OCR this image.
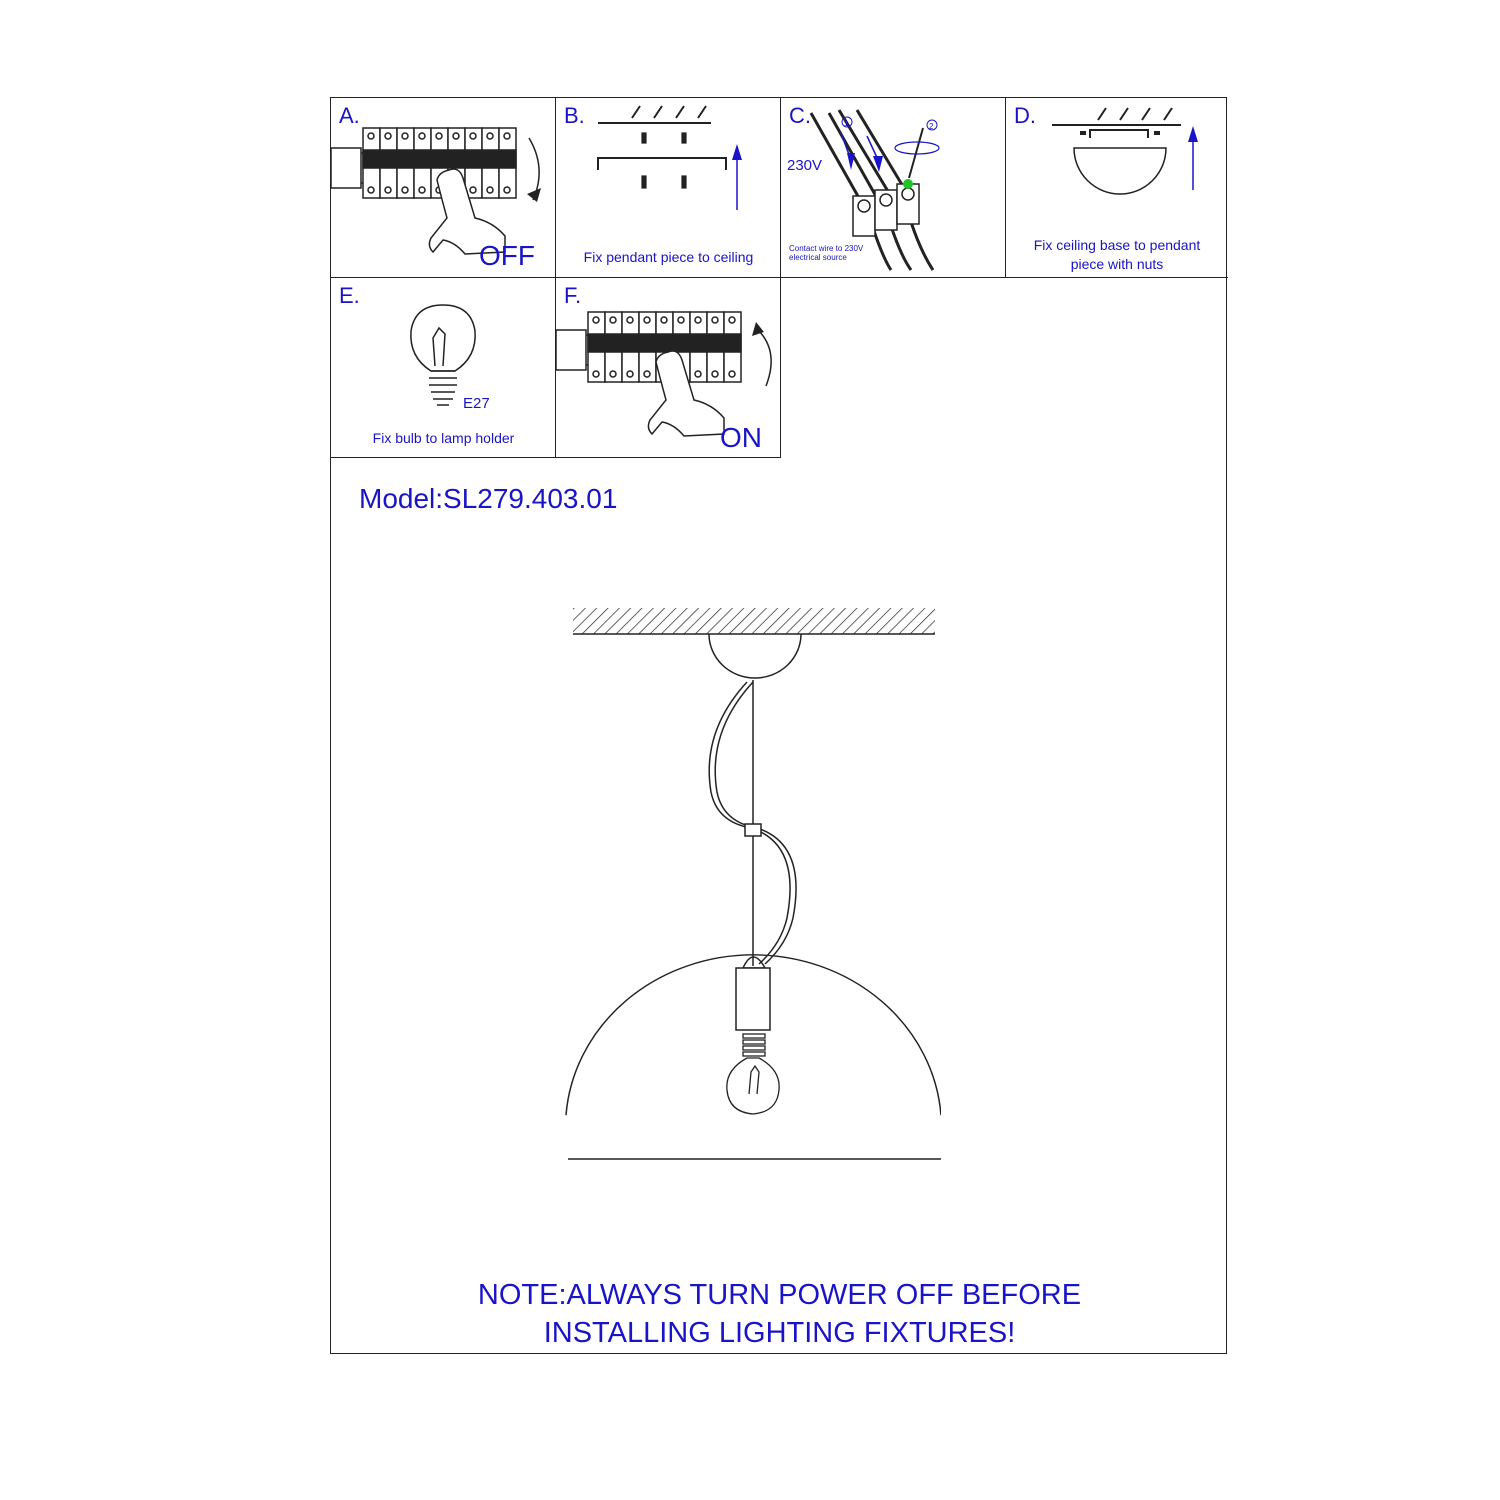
A.
OFF
B.
Fix pendant piece to ceiling
C.
230V
1	2
Contact wire to 230V
electrical source
D.
Fix ceiling base to pendant
piece with nuts
E.
E27
Fix bulb to lamp holder
F.
ON
Model:SL279.403.01
NOTE:ALWAYS TURN POWER OFF BEFORE
INSTALLING LIGHTING FIXTURES!
